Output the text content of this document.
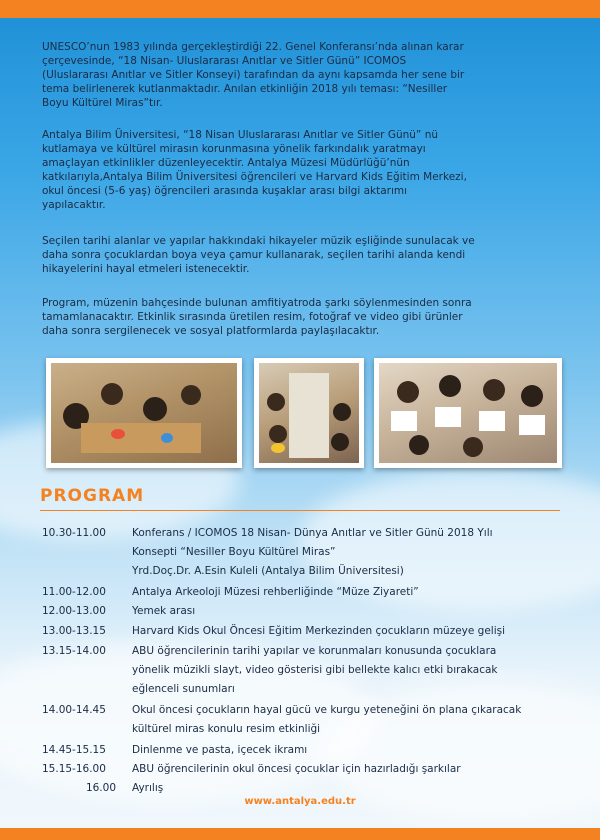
UNESCO’nun 1983 yılında gerçekleştirdiği 22. Genel Konferansı’nda alınan karar
çerçevesinde, “18 Nisan- Uluslararası Anıtlar ve Sitler Günü” ICOMOS
(Uluslararası Anıtlar ve Sitler Konseyi) tarafından da aynı kapsamda her sene bir
tema belirlenerek kutlanmaktadır. Anılan etkinliğin 2018 yılı teması: “Nesiller
Boyu Kültürel Miras”tır.

Antalya Bilim Üniversitesi, “18 Nisan Uluslararası Anıtlar ve Sitler Günü” nü
kutlamaya ve kültürel mirasın korunmasına yönelik farkındalık yaratmayı
amaçlayan etkinlikler düzenleyecektir. Antalya Müzesi Müdürlüğü’nün
katkılarıyla,Antalya Bilim Üniversitesi öğrencileri ve Harvard Kids Eğitim Merkezi,
okul öncesi (5-6 yaş) öğrencileri arasında kuşaklar arası bilgi aktarımı
yapılacaktır.

Seçilen tarihi alanlar ve yapılar hakkındaki hikayeler müzik eşliğinde sunulacak ve
daha sonra çocuklardan boya veya çamur kullanarak, seçilen tarihi alanda kendi
hikayelerini hayal etmeleri istenecektir.

Program, müzenin bahçesinde bulunan amfitiyatroda şarkı söylenmesinden sonra
tamamlanacaktır. Etkinlik sırasında üretilen resim, fotoğraf ve video gibi ürünler
daha sonra sergilenecek ve sosyal platformlarda paylaşılacaktır.

PROGRAM
10.30-11.00	Konferans / ICOMOS 18 Nisan- Dünya Anıtlar ve Sitler Günü 2018 Yılı
Konsepti “Nesiller Boyu Kültürel Miras”
Yrd.Doç.Dr. A.Esin Kuleli (Antalya Bilim Üniversitesi)
11.00-12.00	Antalya Arkeoloji Müzesi rehberliğinde “Müze Ziyareti”
12.00-13.00	Yemek arası
13.00-13.15	Harvard Kids Okul Öncesi Eğitim Merkezinden çocukların müzeye gelişi
13.15-14.00	ABU öğrencilerinin tarihi yapılar ve korunmaları konusunda çocuklara
yönelik müzikli slayt, video gösterisi gibi bellekte kalıcı etki bırakacak
eğlenceli sunumları
14.00-14.45	Okul öncesi çocukların hayal gücü ve kurgu yeteneğini ön plana çıkaracak
kültürel miras konulu resim etkinliği
14.45-15.15	Dinlenme ve pasta, içecek ikramı
15.15-16.00	ABU öğrencilerinin okul öncesi çocuklar için hazırladığı şarkılar
16.00 Ayrılış
www.antalya.edu.tr
